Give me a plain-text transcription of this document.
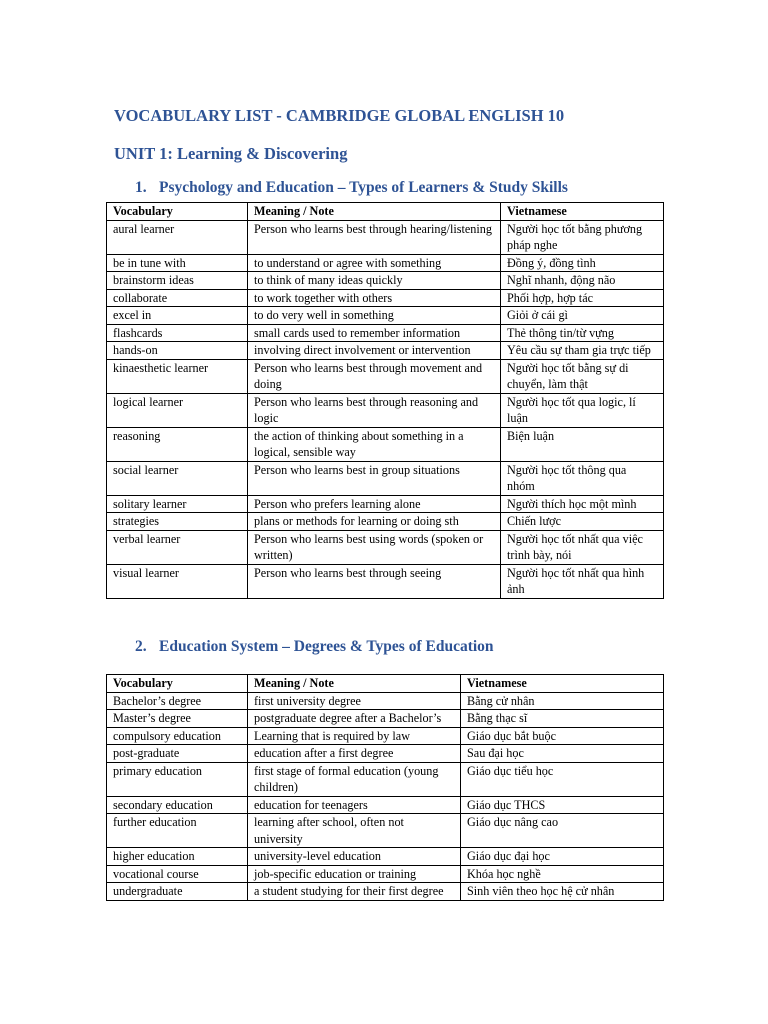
VOCABULARY LIST - CAMBRIDGE GLOBAL ENGLISH 10
UNIT 1: Learning & Discovering
1. Psychology and Education – Types of Learners & Study Skills
Vocabulary	Meaning / Note	Vietnamese
aural learner	Person who learns best through hearing/listening	Người học tốt bằng phương pháp nghe
be in tune with	to understand or agree with something	Đồng ý, đồng tình
brainstorm ideas	to think of many ideas quickly	Nghĩ nhanh, động não
collaborate	to work together with others	Phối hợp, hợp tác
excel in	to do very well in something	Giỏi ở cái gì
flashcards	small cards used to remember information	Thẻ thông tin/từ vựng
hands-on	involving direct involvement or intervention	Yêu cầu sự tham gia trực tiếp
kinaesthetic learner	Person who learns best through movement and doing	Người học tốt bằng sự di chuyển, làm thật
logical learner	Person who learns best through reasoning and logic	Người học tốt qua logic, lí luận
reasoning	the action of thinking about something in a logical, sensible way	Biện luận
social learner	Person who learns best in group situations	Người học tốt thông qua nhóm
solitary learner	Person who prefers learning alone	Người thích học một mình
strategies	plans or methods for learning or doing sth	Chiến lược
verbal learner	Person who learns best using words (spoken or written)	Người học tốt nhất qua việc trình bày, nói
visual learner	Person who learns best through seeing	Người học tốt nhất qua hình ảnh
2. Education System – Degrees & Types of Education
Vocabulary	Meaning / Note	Vietnamese
Bachelor’s degree	first university degree	Bằng cử nhân
Master’s degree	postgraduate degree after a Bachelor’s	Bằng thạc sĩ
compulsory education	Learning that is required by law	Giáo dục bắt buộc
post-graduate	education after a first degree	Sau đại học
primary education	first stage of formal education (young children)	Giáo dục tiểu học
secondary education	education for teenagers	Giáo dục THCS
further education	learning after school, often not university	Giáo dục nâng cao
higher education	university-level education	Giáo dục đại học
vocational course	job-specific education or training	Khóa học nghề
undergraduate	a student studying for their first degree	Sinh viên theo học hệ cử nhân
